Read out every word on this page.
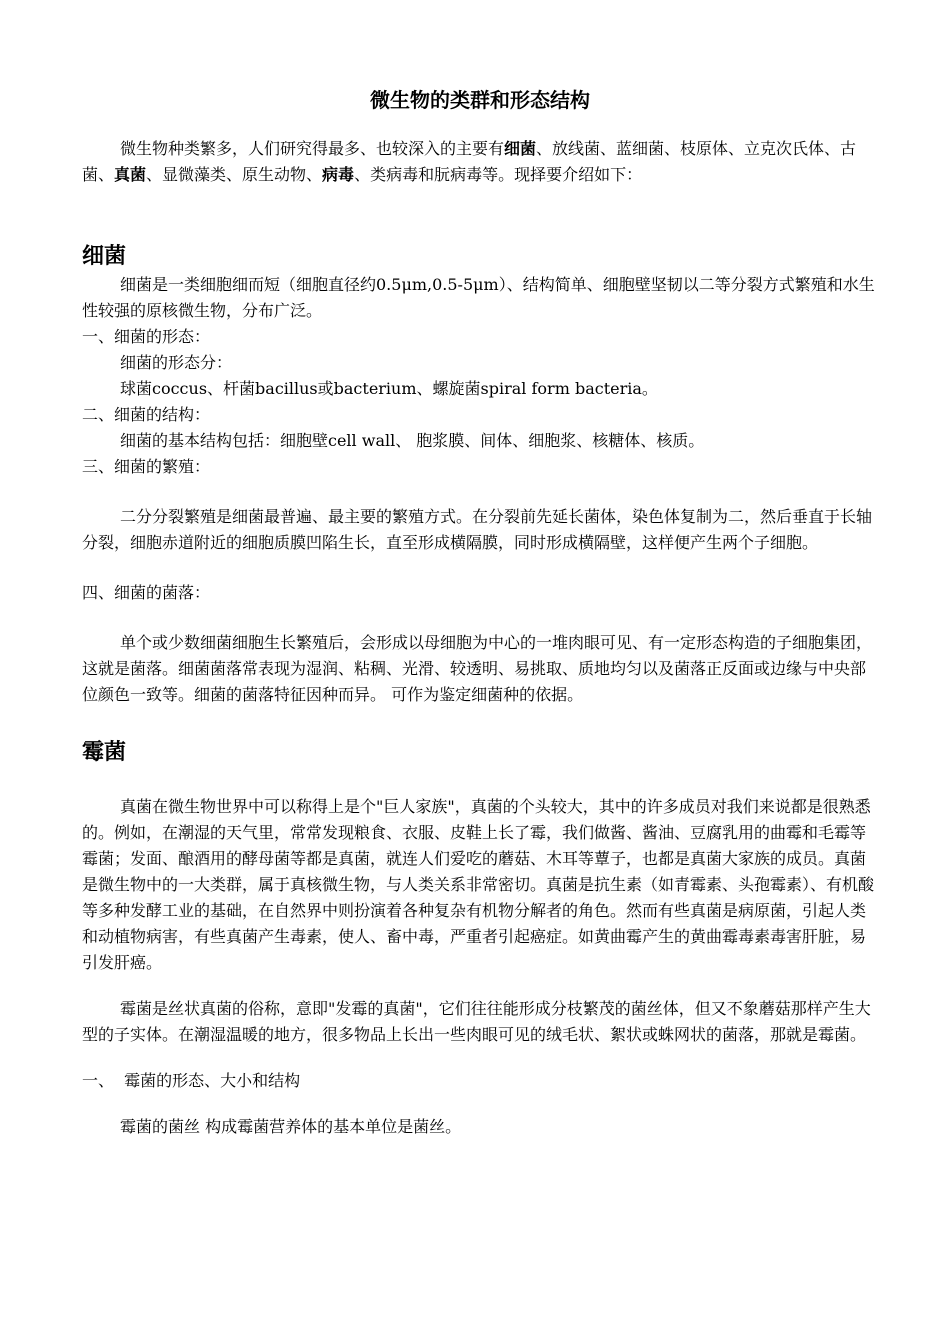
微生物的类群和形态结构

微生物种类繁多，人们研究得最多、也较深入的主要有细菌、放线菌、蓝细菌、枝原体、立克次氏体、古菌、真菌、显微藻类、原生动物、病毒、类病毒和朊病毒等。现择要介绍如下：

细菌

细菌是一类细胞细而短（细胞直径约0.5μm,0.5-5μm）、结构简单、细胞壁坚韧以二等分裂方式繁殖和水生性较强的原核微生物，分布广泛。

一、细菌的形态：

细菌的形态分：

球菌coccus、杆菌bacillus或bacterium、螺旋菌spiral form bacteria。

二、细菌的结构：

细菌的基本结构包括：细胞壁cell wall、 胞浆膜、间体、细胞浆、核糖体、核质。

三、细菌的繁殖：

二分分裂繁殖是细菌最普遍、最主要的繁殖方式。在分裂前先延长菌体，染色体复制为二，然后垂直于长轴分裂，细胞赤道附近的细胞质膜凹陷生长，直至形成横隔膜，同时形成横隔壁，这样便产生两个子细胞。

四、细菌的菌落：

单个或少数细菌细胞生长繁殖后，会形成以母细胞为中心的一堆肉眼可见、有一定形态构造的子细胞集团，这就是菌落。细菌菌落常表现为湿润、粘稠、光滑、较透明、易挑取、质地均匀以及菌落正反面或边缘与中央部位颜色一致等。细菌的菌落特征因种而异。 可作为鉴定细菌种的依据。

霉菌

真菌在微生物世界中可以称得上是个"巨人家族"，真菌的个头较大，其中的许多成员对我们来说都是很熟悉的。例如，在潮湿的天气里，常常发现粮食、衣服、皮鞋上长了霉，我们做酱、酱油、豆腐乳用的曲霉和毛霉等霉菌；发面、酿酒用的酵母菌等都是真菌，就连人们爱吃的蘑菇、木耳等蕈子，也都是真菌大家族的成员。真菌是微生物中的一大类群，属于真核微生物，与人类关系非常密切。真菌是抗生素（如青霉素、头孢霉素）、有机酸等多种发酵工业的基础，在自然界中则扮演着各种复杂有机物分解者的角色。然而有些真菌是病原菌，引起人类和动植物病害，有些真菌产生毒素，使人、畜中毒，严重者引起癌症。如黄曲霉产生的黄曲霉毒素毒害肝脏，易引发肝癌。

霉菌是丝状真菌的俗称，意即"发霉的真菌"，它们往往能形成分枝繁茂的菌丝体，但又不象蘑菇那样产生大型的子实体。在潮湿温暖的地方，很多物品上长出一些肉眼可见的绒毛状、絮状或蛛网状的菌落，那就是霉菌。

一、  霉菌的形态、大小和结构

霉菌的菌丝 构成霉菌营养体的基本单位是菌丝。
